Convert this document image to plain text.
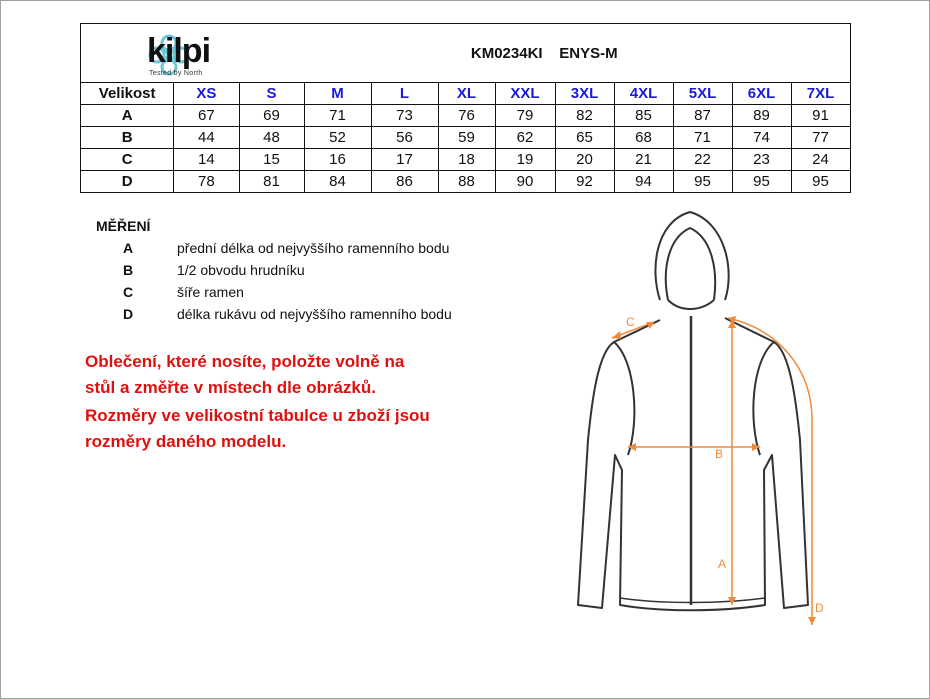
kilpi
Tested by North		KM0234KI ENYS-M									
Velikost	XS	S	M	L	XL	XXL	3XL	4XL	5XL	6XL	7XL
A	67	69	71	73	76	79	82	85	87	89	91
B	44	48	52	56	59	62	65	68	71	74	77
C	14	15	16	17	18	19	20	21	22	23	24
D	78	81	84	86	88	90	92	94	95	95	95
MĚŘENÍ
A	přední délka od nejvyššího ramenního bodu
B	1/2 obvodu hrudníku
C	šíře ramen
D	délka rukávu od nejvyššího ramenního bodu
Oblečení, které nosíte, položte volně na
stůl a změřte v místech dle obrázků.
Rozměry ve velikostní tabulce u zboží jsou
rozměry daného modelu.
C
B
A
D
